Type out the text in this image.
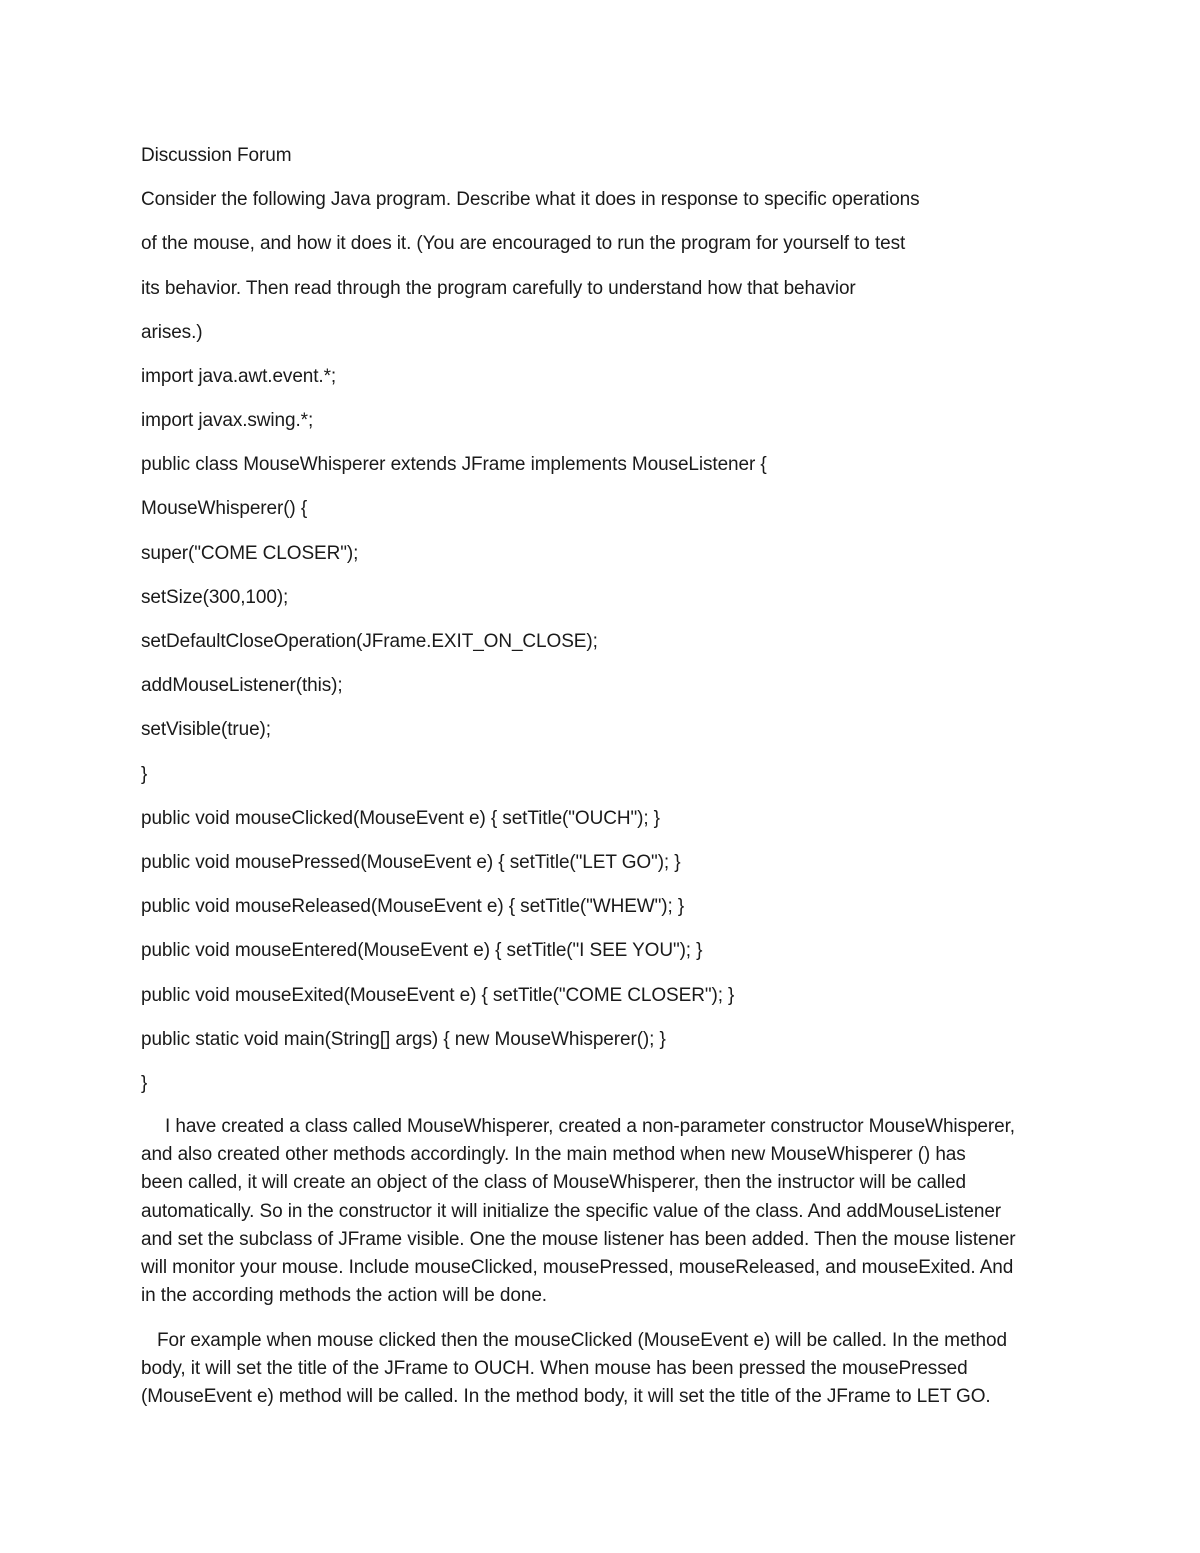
Discussion Forum
Consider the following Java program. Describe what it does in response to specific operations
of the mouse, and how it does it. (You are encouraged to run the program for yourself to test
its behavior. Then read through the program carefully to understand how that behavior
arises.)
import java.awt.event.*;
import javax.swing.*;
public class MouseWhisperer extends JFrame implements MouseListener {
MouseWhisperer() {
super("COME CLOSER");
setSize(300,100);
setDefaultCloseOperation(JFrame.EXIT_ON_CLOSE);
addMouseListener(this);
setVisible(true);
}
public void mouseClicked(MouseEvent e) { setTitle("OUCH"); }
public void mousePressed(MouseEvent e) { setTitle("LET GO"); }
public void mouseReleased(MouseEvent e) { setTitle("WHEW"); }
public void mouseEntered(MouseEvent e) { setTitle("I SEE YOU"); }
public void mouseExited(MouseEvent e) { setTitle("COME CLOSER"); }
public static void main(String[] args) { new MouseWhisperer(); }
}
I have created a class called MouseWhisperer, created a non-parameter constructor MouseWhisperer,
and also created other methods accordingly. In the main method when new MouseWhisperer () has
been called, it will create an object of the class of MouseWhisperer, then the instructor will be called
automatically. So in the constructor it will initialize the specific value of the class. And addMouseListener
and set the subclass of JFrame visible. One the mouse listener has been added. Then the mouse listener
will monitor your mouse. Include mouseClicked, mousePressed, mouseReleased, and mouseExited. And
in the according methods the action will be done.
For example when mouse clicked then the mouseClicked (MouseEvent e) will be called. In the method
body, it will set the title of the JFrame to OUCH. When mouse has been pressed the mousePressed
(MouseEvent e) method will be called. In the method body, it will set the title of the JFrame to LET GO.
